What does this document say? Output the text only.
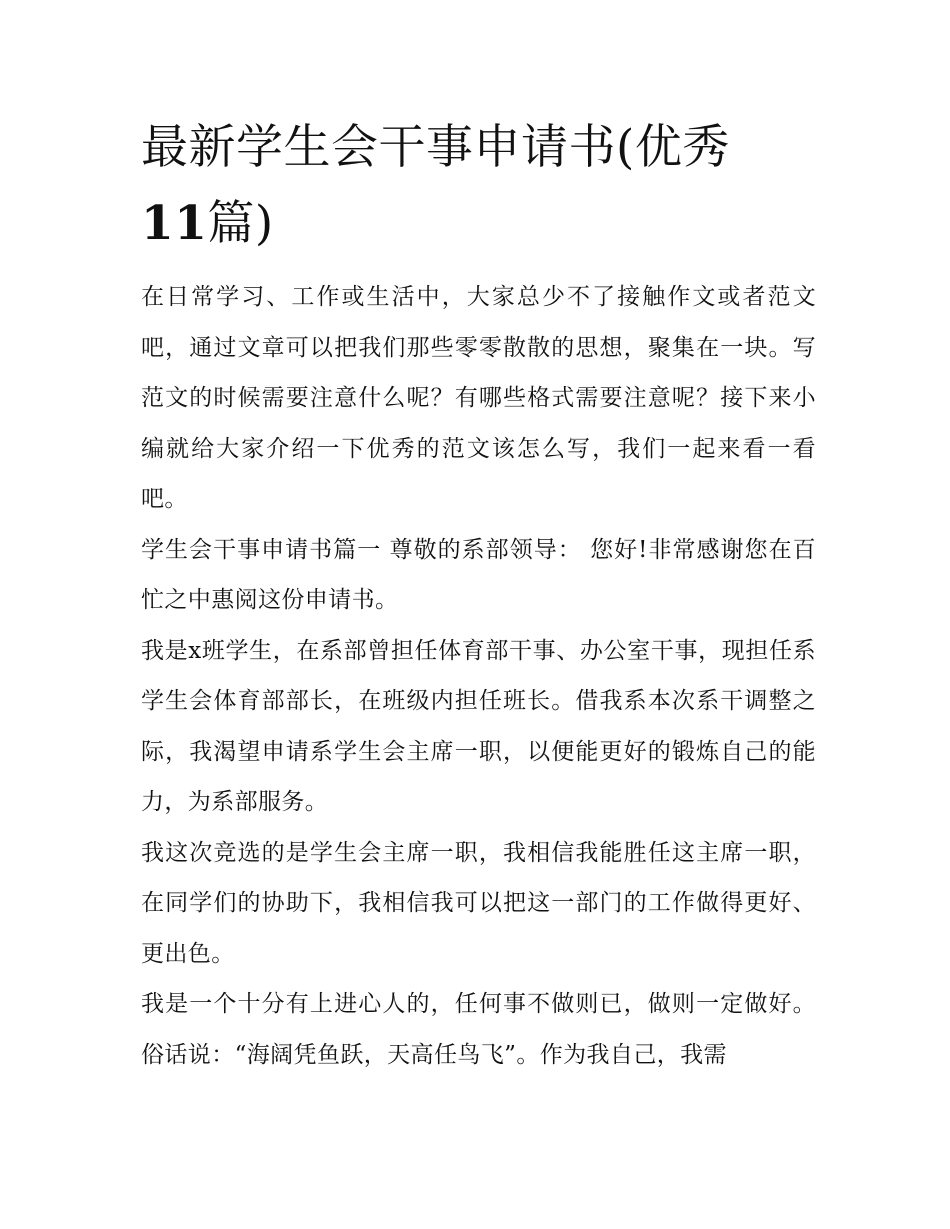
最新学生会干事申请书(优秀
11篇)

在日常学习、工作或生活中，大家总少不了接触作文或者范文吧，通过文章可以把我们那些零零散散的思想，聚集在一块。写范文的时候需要注意什么呢？有哪些格式需要注意呢？接下来小编就给大家介绍一下优秀的范文该怎么写，我们一起来看一看吧。

学生会干事申请书篇一 尊敬的系部领导： 您好!非常感谢您在百忙之中惠阅这份申请书。

我是x班学生，在系部曾担任体育部干事、办公室干事，现担任系学生会体育部部长，在班级内担任班长。借我系本次系干调整之际，我渴望申请系学生会主席一职，以便能更好的锻炼自己的能力，为系部服务。

我这次竞选的是学生会主席一职，我相信我能胜任这主席一职，在同学们的协助下，我相信我可以把这一部门的工作做得更好、更出色。

我是一个十分有上进心人的，任何事不做则已，做则一定做好。俗话说：“海阔凭鱼跃，天高任鸟飞”。作为我自己，我需
